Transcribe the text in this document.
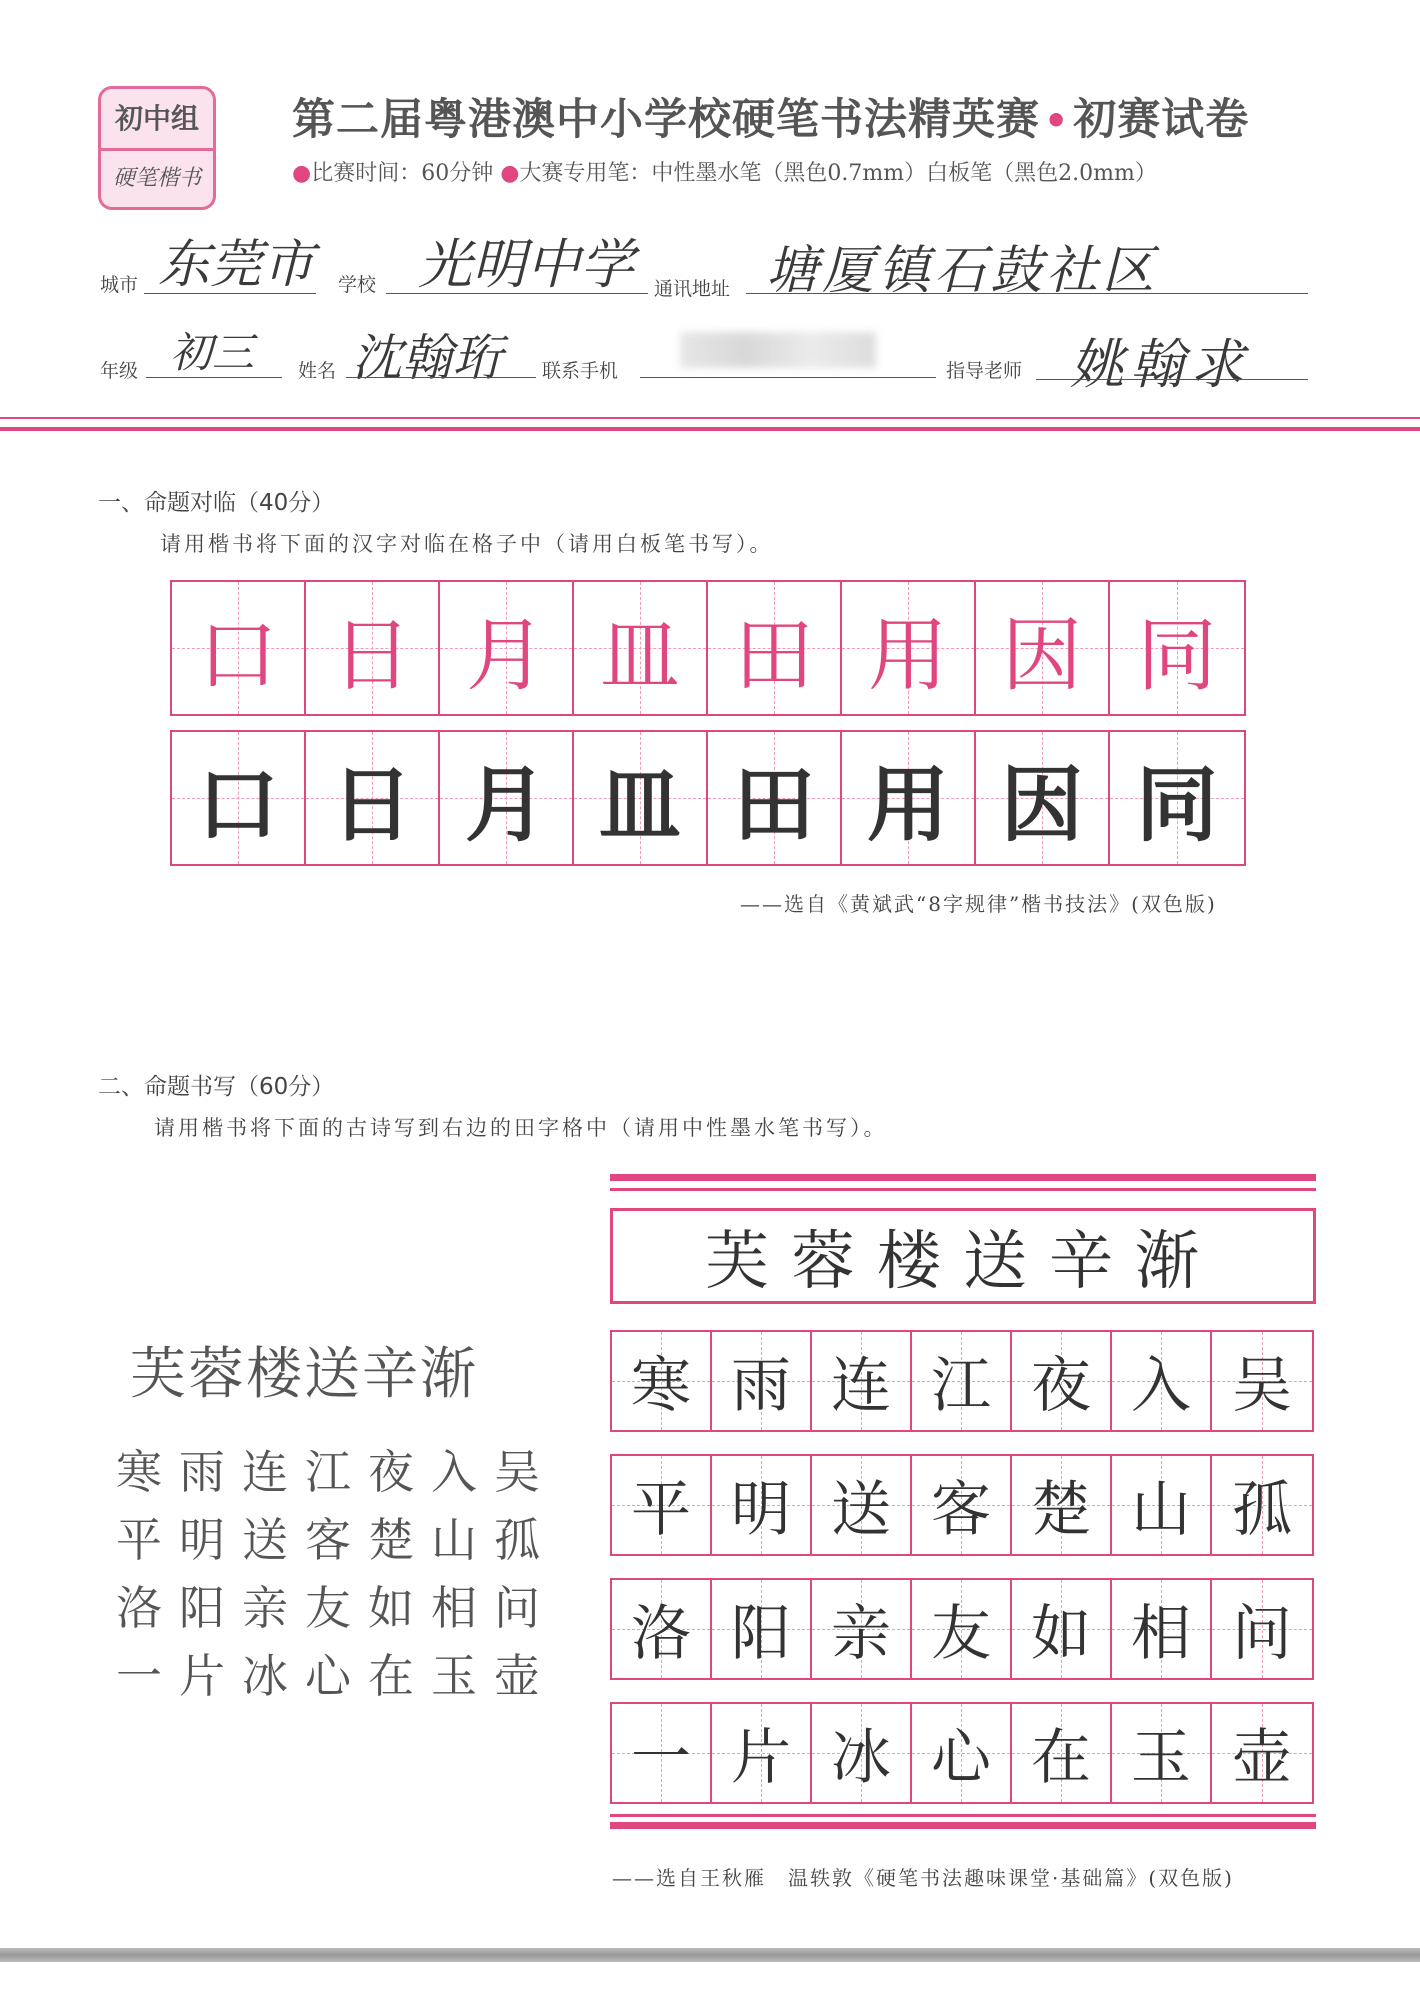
初中组
硬笔楷书
第二届粤港澳中小学校硬笔书法精英赛 •初赛试卷
●比赛时间：60分钟 ●大赛专用笔：中性墨水笔（黑色0.7mm）白板笔（黑色2.0mm）
城市 东莞市 学校 光明中学 通讯地址 塘厦镇石鼓社区
年级 初三 姓名 沈翰珩 联系手机	指导老师 姚翰求
一、命题对临（40分）
请用楷书将下面的汉字对临在格子中（请用白板笔书写）。
口 日 月 皿 田 用 因 同
口 日 月 皿 田 用 因 同
——选自《黄斌武“8字规律”楷书技法》(双色版)
二、命题书写（60分）
请用楷书将下面的古诗写到右边的田字格中（请用中性墨水笔书写）。
芙蓉楼送辛渐
寒雨连江夜入吴
平明送客楚山孤
洛阳亲友如相问
一片冰心在玉壶
芙蓉楼送辛渐
寒 雨 连 江 夜 入 吴
平 明 送 客 楚 山 孤
洛 阳 亲 友 如 相 问
一 片 冰 心 在 玉 壶
——选自王秋雁　温轶敦《硬笔书法趣味课堂·基础篇》(双色版)
